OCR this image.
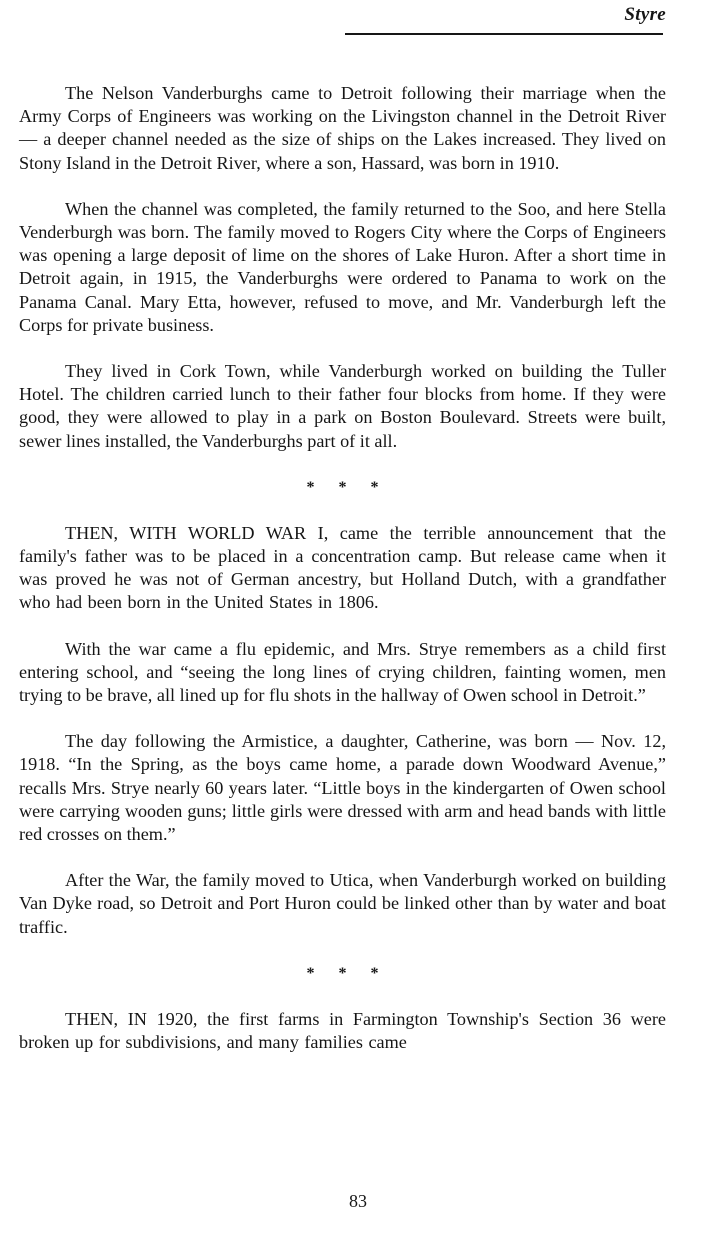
Styre

The Nelson Vanderburghs came to Detroit following their marriage when the Army Corps of Engineers was working on the Livingston channel in the Detroit River — a deeper channel needed as the size of ships on the Lakes increased. They lived on Stony Island in the Detroit River, where a son, Hassard, was born in 1910.

When the channel was completed, the family returned to the Soo, and here Stella Venderburgh was born. The family moved to Rogers City where the Corps of Engineers was opening a large deposit of lime on the shores of Lake Huron. After a short time in Detroit again, in 1915, the Vanderburghs were ordered to Panama to work on the Panama Canal. Mary Etta, however, refused to move, and Mr. Vanderburgh left the Corps for private business.

They lived in Cork Town, while Vanderburgh worked on building the Tuller Hotel. The children carried lunch to their father four blocks from home. If they were good, they were allowed to play in a park on Boston Boulevard. Streets were built, sewer lines installed, the Vanderburghs part of it all.

* * *

THEN, WITH WORLD WAR I, came the terrible announcement that the family's father was to be placed in a concentration camp. But release came when it was proved he was not of German ancestry, but Holland Dutch, with a grandfather who had been born in the United States in 1806.

With the war came a flu epidemic, and Mrs. Strye remembers as a child first entering school, and “seeing the long lines of crying children, fainting women, men trying to be brave, all lined up for flu shots in the hallway of Owen school in Detroit.”

The day following the Armistice, a daughter, Catherine, was born — Nov. 12, 1918. “In the Spring, as the boys came home, a parade down Woodward Avenue,” recalls Mrs. Strye nearly 60 years later. “Little boys in the kindergarten of Owen school were carrying wooden guns; little girls were dressed with arm and head bands with little red crosses on them.”

After the War, the family moved to Utica, when Vanderburgh worked on building Van Dyke road, so Detroit and Port Huron could be linked other than by water and boat traffic.

* * *

THEN, IN 1920, the first farms in Farmington Township's Section 36 were broken up for subdivisions, and many families came

83
